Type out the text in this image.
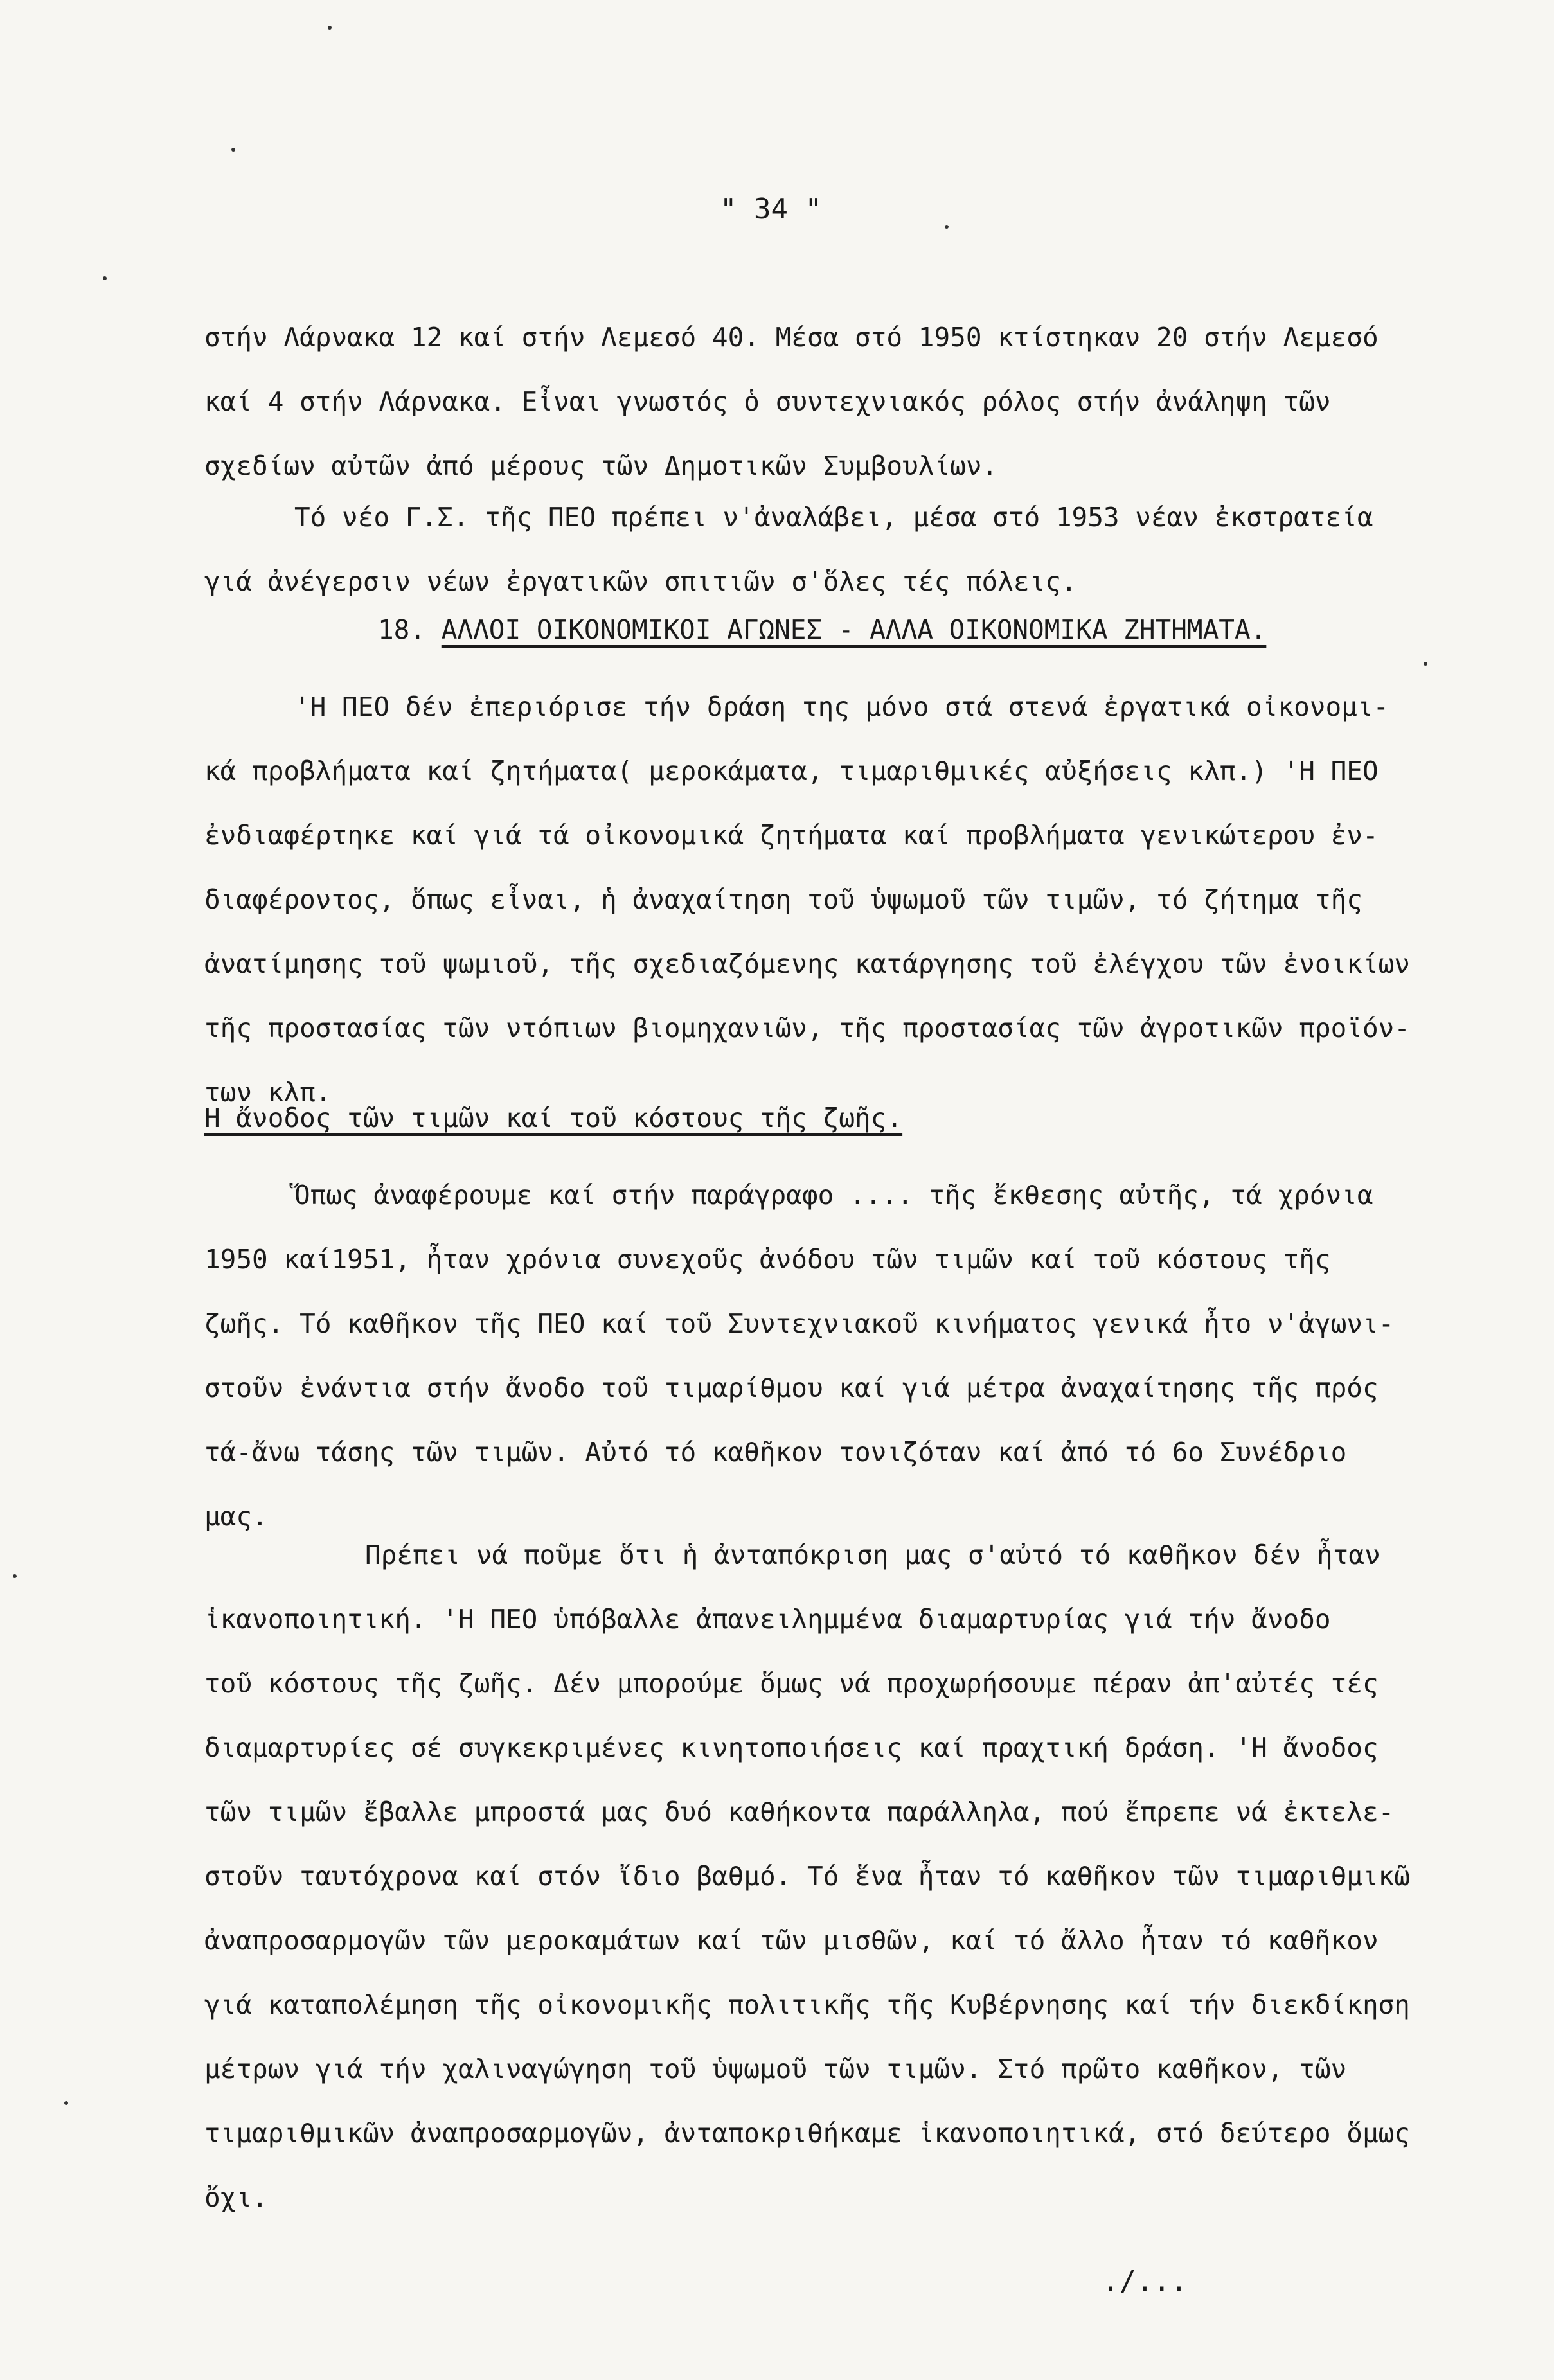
" 34 "
στήν Λάρνακα 12 καί στήν Λεμεσό 40. Μέσα στό 1950 κτίστηκαν 20 στήν Λεμεσό
καί 4 στήν Λάρνακα. Εἶναι γνωστός ὁ συντεχνιακός ρόλος στήν ἀνάληψη τῶν
σχεδίων αὐτῶν ἀπό μέρους τῶν Δημοτικῶν Συμβουλίων.
Τό νέο Γ.Σ. τῆς ΠΕΟ πρέπει ν'ἀναλάβει, μέσα στό 1953 νέαν ἐκστρατεία
γιά ἀνέγερσιν νέων ἐργατικῶν σπιτιῶν σ'ὅλες τές πόλεις.
18. ΑΛΛΟΙ ΟΙΚΟΝΟΜΙΚΟΙ ΑΓΩΝΕΣ - ΑΛΛΑ ΟΙΚΟΝΟΜΙΚΑ ΖΗΤΗΜΑΤΑ.
'Η ΠΕΟ δέν ἐπεριόρισε τήν δράση της μόνο στά στενά ἐργατικά οἰκονομι-
κά προβλήματα καί ζητήματα( μεροκάματα, τιμαριθμικές αὐξήσεις κλπ.) 'Η ΠΕΟ
ἐνδιαφέρτηκε καί γιά τά οἰκονομικά ζητήματα καί προβλήματα γενικώτερου ἐν-
διαφέροντος, ὅπως εἶναι, ἡ ἀναχαίτηση τοῦ ὑψωμοῦ τῶν τιμῶν, τό ζήτημα τῆς
ἀνατίμησης τοῦ ψωμιοῦ, τῆς σχεδιαζόμενης κατάργησης τοῦ ἐλέγχου τῶν ἐνοικίων
τῆς προστασίας τῶν ντόπιων βιομηχανιῶν, τῆς προστασίας τῶν ἀγροτικῶν προϊόν-
των κλπ.
Η ἄνοδος τῶν τιμῶν καί τοῦ κόστους τῆς ζωῆς.
Ὅπως ἀναφέρουμε καί στήν παράγραφο .... τῆς ἔκθεσης αὐτῆς, τά χρόνια
1950 καί1951, ἦταν χρόνια συνεχοῦς ἀνόδου τῶν τιμῶν καί τοῦ κόστους τῆς
ζωῆς. Τό καθῆκον τῆς ΠΕΟ καί τοῦ Συντεχνιακοῦ κινήματος γενικά ἦτο ν'ἀγωνι-
στοῦν ἐνάντια στήν ἄνοδο τοῦ τιμαρίθμου καί γιά μέτρα ἀναχαίτησης τῆς πρός
τά-ἄνω τάσης τῶν τιμῶν. Αὐτό τό καθῆκον τονιζόταν καί ἀπό τό 6ο Συνέδριο
μας.
Πρέπει νά ποῦμε ὅτι ἡ ἀνταπόκριση μας σ'αὐτό τό καθῆκον δέν ἦταν
ἱκανοποιητική. 'Η ΠΕΟ ὑπόβαλλε ἀπανειλημμένα διαμαρτυρίας γιά τήν ἄνοδο
τοῦ κόστους τῆς ζωῆς. Δέν μπορούμε ὅμως νά προχωρήσουμε πέραν ἀπ'αὐτές τές
διαμαρτυρίες σέ συγκεκριμένες κινητοποιήσεις καί πραχτική δράση. 'Η ἄνοδος
τῶν τιμῶν ἔβαλλε μπροστά μας δυό καθήκοντα παράλληλα, πού ἔπρεπε νά ἐκτελε-
στοῦν ταυτόχρονα καί στόν ἴδιο βαθμό. Τό ἕνα ἦταν τό καθῆκον τῶν τιμαριθμικῶ
ἀναπροσαρμογῶν τῶν μεροκαμάτων καί τῶν μισθῶν, καί τό ἄλλο ἦταν τό καθῆκον
γιά καταπολέμηση τῆς οἰκονομικῆς πολιτικῆς τῆς Κυβέρνησης καί τήν διεκδίκηση
μέτρων γιά τήν χαλιναγώγηση τοῦ ὑψωμοῦ τῶν τιμῶν. Στό πρῶτο καθῆκον, τῶν
τιμαριθμικῶν ἀναπροσαρμογῶν, ἀνταποκριθήκαμε ἱκανοποιητικά, στό δεύτερο ὅμως
ὄχι.
./...
